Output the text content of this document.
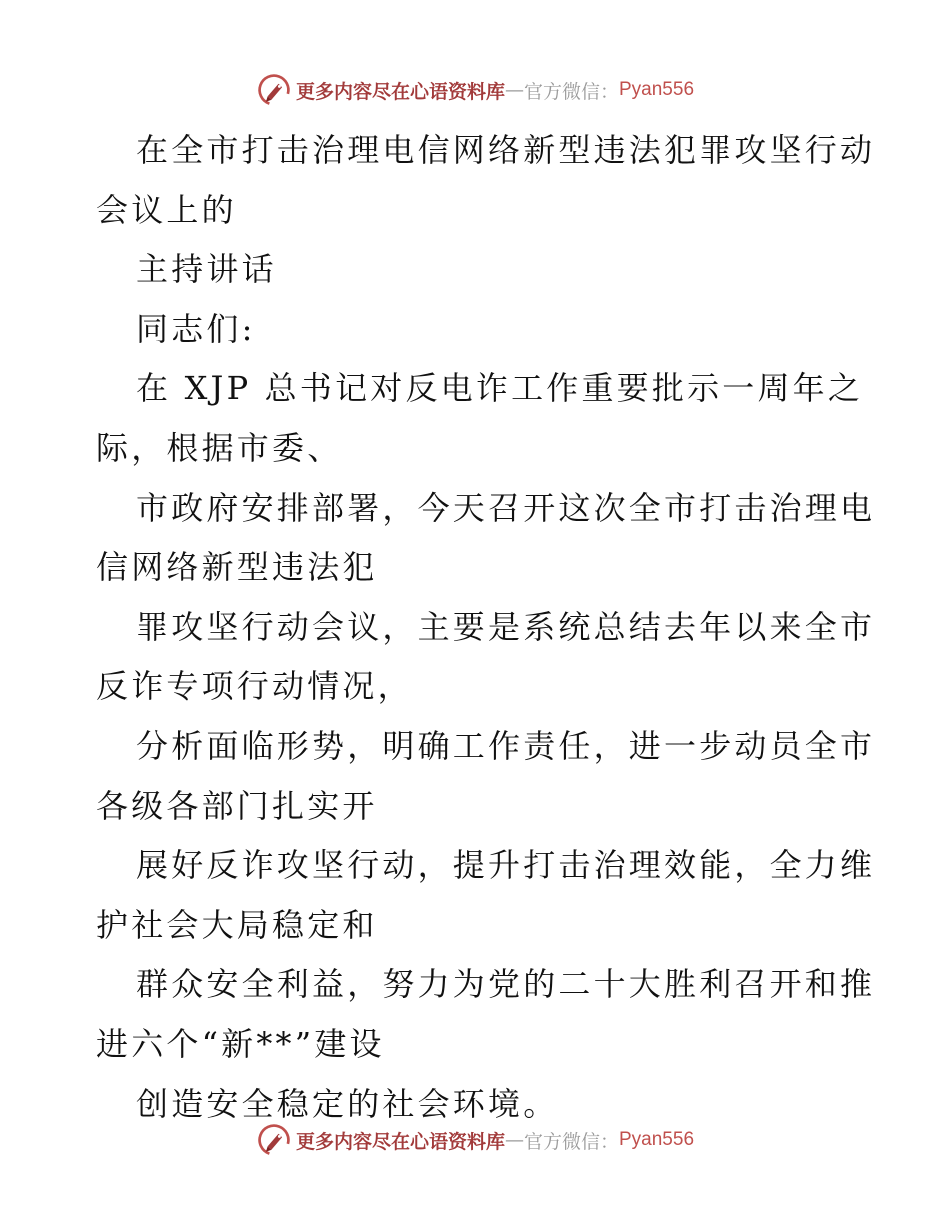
更多内容尽在心语资料库 — 官方微信： Pyan556
在全市打击治理电信网络新型违法犯罪攻坚行动
会议上的
主持讲话
同志们:
在 XJP 总书记对反电诈工作重要批示一周年之
际，根据市委、
市政府安排部署，今天召开这次全市打击治理电
信网络新型违法犯
罪攻坚行动会议，主要是系统总结去年以来全市
反诈专项行动情况，
分析面临形势，明确工作责任，进一步动员全市
各级各部门扎实开
展好反诈攻坚行动，提升打击治理效能，全力维
护社会大局稳定和
群众安全利益，努力为党的二十大胜利召开和推
进六个“新**”建设
创造安全稳定的社会环境。
更多内容尽在心语资料库 — 官方微信： Pyan556
